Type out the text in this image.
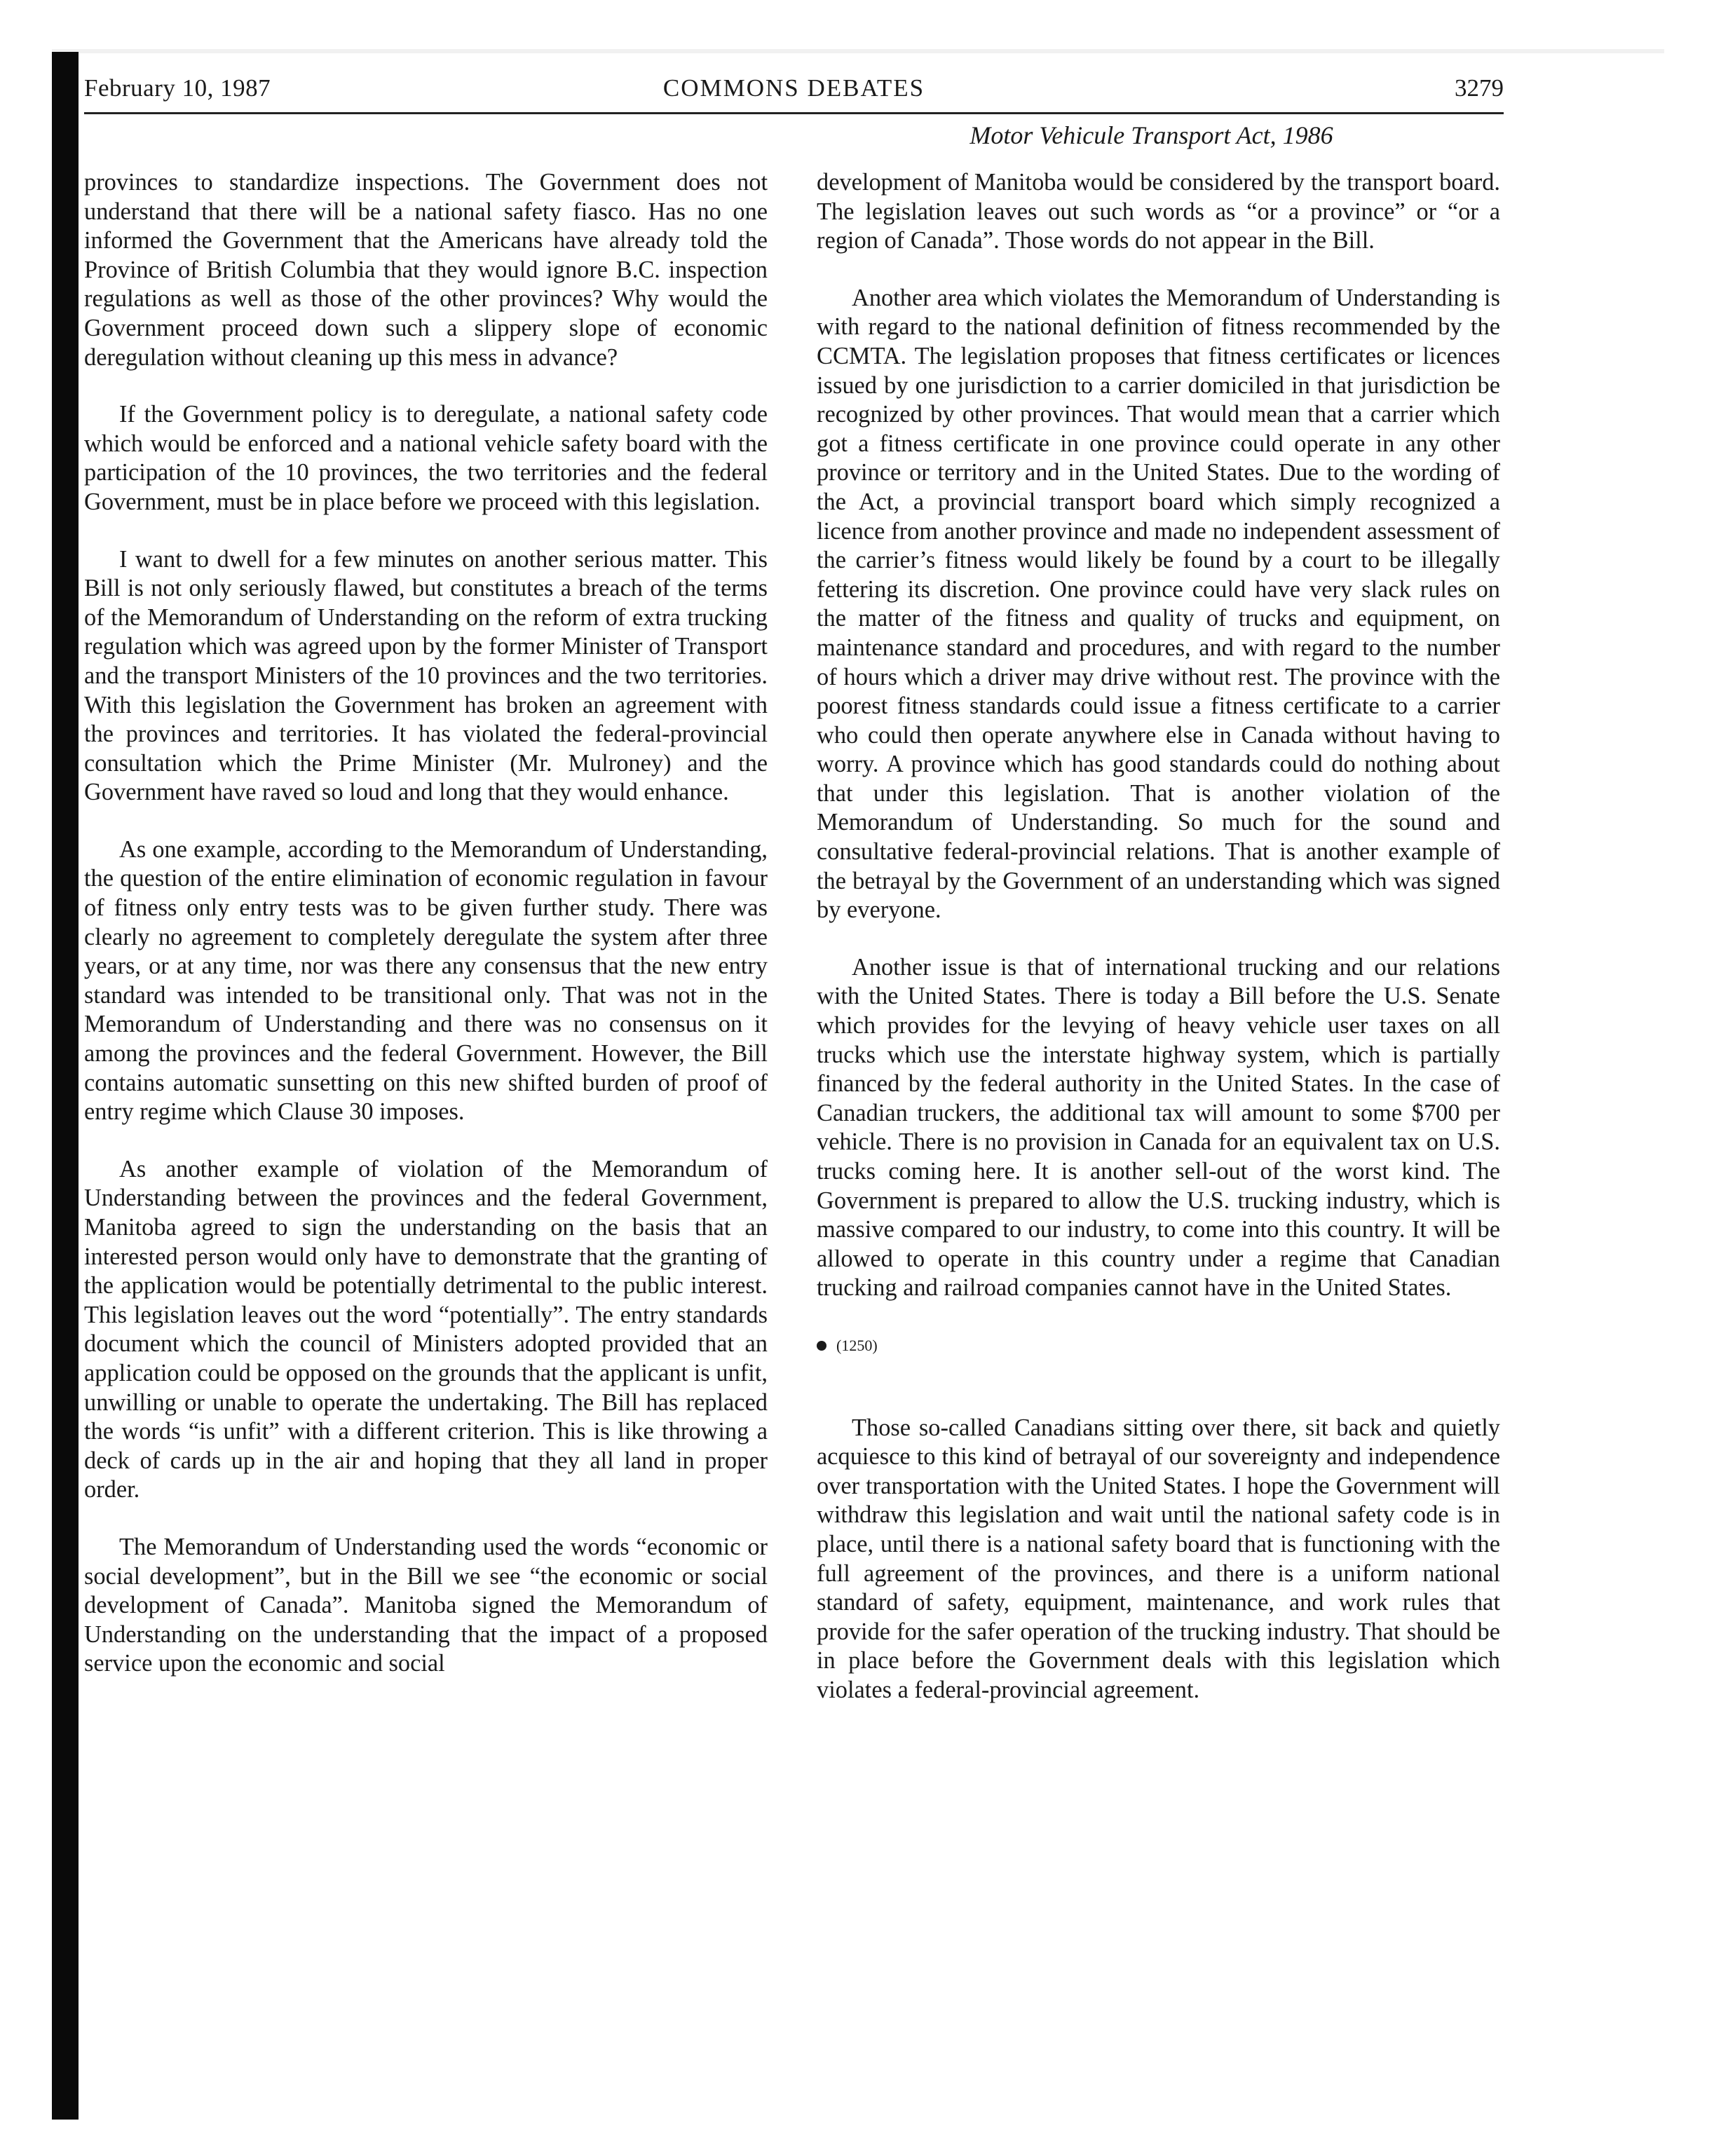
February 10, 1987	COMMONS DEBATES	3279
Motor Vehicule Transport Act, 1986

provinces to standardize inspections. The Government does not understand that there will be a national safety fiasco. Has no one informed the Government that the Americans have already told the Province of British Columbia that they would ignore B.C. inspection regulations as well as those of the other provinces? Why would the Government proceed down such a slippery slope of economic deregulation without cleaning up this mess in advance?

If the Government policy is to deregulate, a national safety code which would be enforced and a national vehicle safety board with the participation of the 10 provinces, the two territories and the federal Government, must be in place before we proceed with this legislation.

I want to dwell for a few minutes on another serious matter. This Bill is not only seriously flawed, but constitutes a breach of the terms of the Memorandum of Understanding on the reform of extra trucking regulation which was agreed upon by the former Minister of Transport and the transport Ministers of the 10 provinces and the two territories. With this legislation the Government has broken an agreement with the provinces and territories. It has violated the federal-provincial consultation which the Prime Minister (Mr. Mulroney) and the Government have raved so loud and long that they would enhance.

As one example, according to the Memorandum of Understanding, the question of the entire elimination of economic regulation in favour of fitness only entry tests was to be given further study. There was clearly no agreement to completely deregulate the system after three years, or at any time, nor was there any consensus that the new entry standard was intended to be transitional only. That was not in the Memorandum of Understanding and there was no consensus on it among the provinces and the federal Government. However, the Bill contains automatic sunsetting on this new shifted burden of proof of entry regime which Clause 30 imposes.

As another example of violation of the Memorandum of Understanding between the provinces and the federal Government, Manitoba agreed to sign the understanding on the basis that an interested person would only have to demonstrate that the granting of the application would be potentially detrimental to the public interest. This legislation leaves out the word “potentially”. The entry standards document which the council of Ministers adopted provided that an application could be opposed on the grounds that the applicant is unfit, unwilling or unable to operate the undertaking. The Bill has replaced the words “is unfit” with a different criterion. This is like throwing a deck of cards up in the air and hoping that they all land in proper order.

The Memorandum of Understanding used the words “economic or social development”, but in the Bill we see “the economic or social development of Canada”. Manitoba signed the Memorandum of Understanding on the understanding that the impact of a proposed service upon the economic and social

development of Manitoba would be considered by the transport board. The legislation leaves out such words as “or a province” or “or a region of Canada”. Those words do not appear in the Bill.

Another area which violates the Memorandum of Understanding is with regard to the national definition of fitness recommended by the CCMTA. The legislation proposes that fitness certificates or licences issued by one jurisdiction to a carrier domiciled in that jurisdiction be recognized by other provinces. That would mean that a carrier which got a fitness certificate in one province could operate in any other province or territory and in the United States. Due to the wording of the Act, a provincial transport board which simply recognized a licence from another province and made no independent assessment of the carrier’s fitness would likely be found by a court to be illegally fettering its discretion. One province could have very slack rules on the matter of the fitness and quality of trucks and equipment, on maintenance standard and procedures, and with regard to the number of hours which a driver may drive without rest. The province with the poorest fitness standards could issue a fitness certificate to a carrier who could then operate anywhere else in Canada without having to worry. A province which has good standards could do nothing about that under this legislation. That is another violation of the Memorandum of Understanding. So much for the sound and consultative federal-provincial relations. That is another example of the betrayal by the Government of an understanding which was signed by everyone.

Another issue is that of international trucking and our relations with the United States. There is today a Bill before the U.S. Senate which provides for the levying of heavy vehicle user taxes on all trucks which use the interstate highway system, which is partially financed by the federal authority in the United States. In the case of Canadian truckers, the additional tax will amount to some $700 per vehicle. There is no provision in Canada for an equivalent tax on U.S. trucks coming here. It is another sell-out of the worst kind. The Government is prepared to allow the U.S. trucking industry, which is massive compared to our industry, to come into this country. It will be allowed to operate in this country under a regime that Canadian trucking and railroad companies cannot have in the United States.

(1250)

Those so-called Canadians sitting over there, sit back and quietly acquiesce to this kind of betrayal of our sovereignty and independence over transportation with the United States. I hope the Government will withdraw this legislation and wait until the national safety code is in place, until there is a national safety board that is functioning with the full agreement of the provinces, and there is a uniform national standard of safety, equipment, maintenance, and work rules that provide for the safer operation of the trucking industry. That should be in place before the Government deals with this legislation which violates a federal-provincial agreement.
